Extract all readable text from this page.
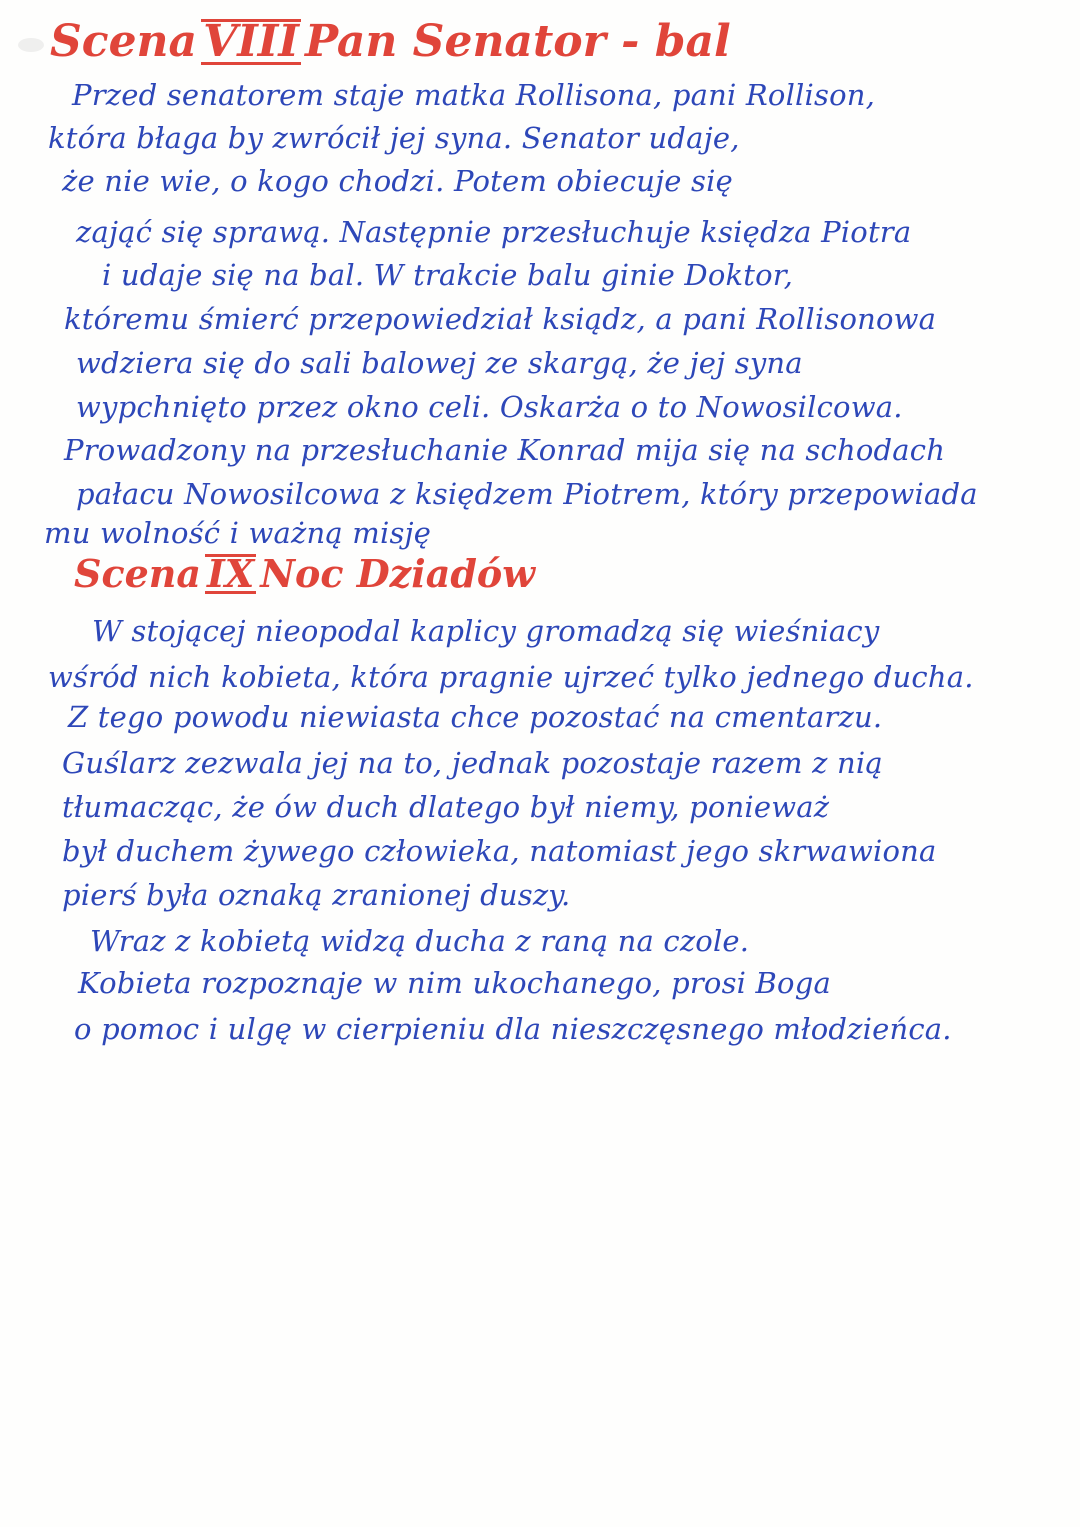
Scena VIII Pan Senator - bal

Przed senatorem staje matka Rollisona, pani Rollison,

która błaga by zwrócił jej syna. Senator udaje,

że nie wie, o kogo chodzi. Potem obiecuje się

zająć się sprawą. Następnie przesłuchuje księdza Piotra

i udaje się na bal. W trakcie balu ginie Doktor,

któremu śmierć przepowiedział ksiądz, a pani Rollisonowa

wdziera się do sali balowej ze skargą, że jej syna

wypchnięto przez okno celi. Oskarża o to Nowosilcowa.

Prowadzony na przesłuchanie Konrad mija się na schodach

pałacu Nowosilcowa z księdzem Piotrem, który przepowiada

mu wolność i ważną misję

Scena IX Noc Dziadów

W stojącej nieopodal kaplicy gromadzą się wieśniacy

wśród nich kobieta, która pragnie ujrzeć tylko jednego ducha.

Z tego powodu niewiasta chce pozostać na cmentarzu.

Guślarz zezwala jej na to, jednak pozostaje razem z nią

tłumacząc, że ów duch dlatego był niemy, ponieważ

był duchem żywego człowieka, natomiast jego skrwawiona

pierś była oznaką zranionej duszy.

Wraz z kobietą widzą ducha z raną na czole.

Kobieta rozpoznaje w nim ukochanego, prosi Boga

o pomoc i ulgę w cierpieniu dla nieszczęsnego młodzieńca.
